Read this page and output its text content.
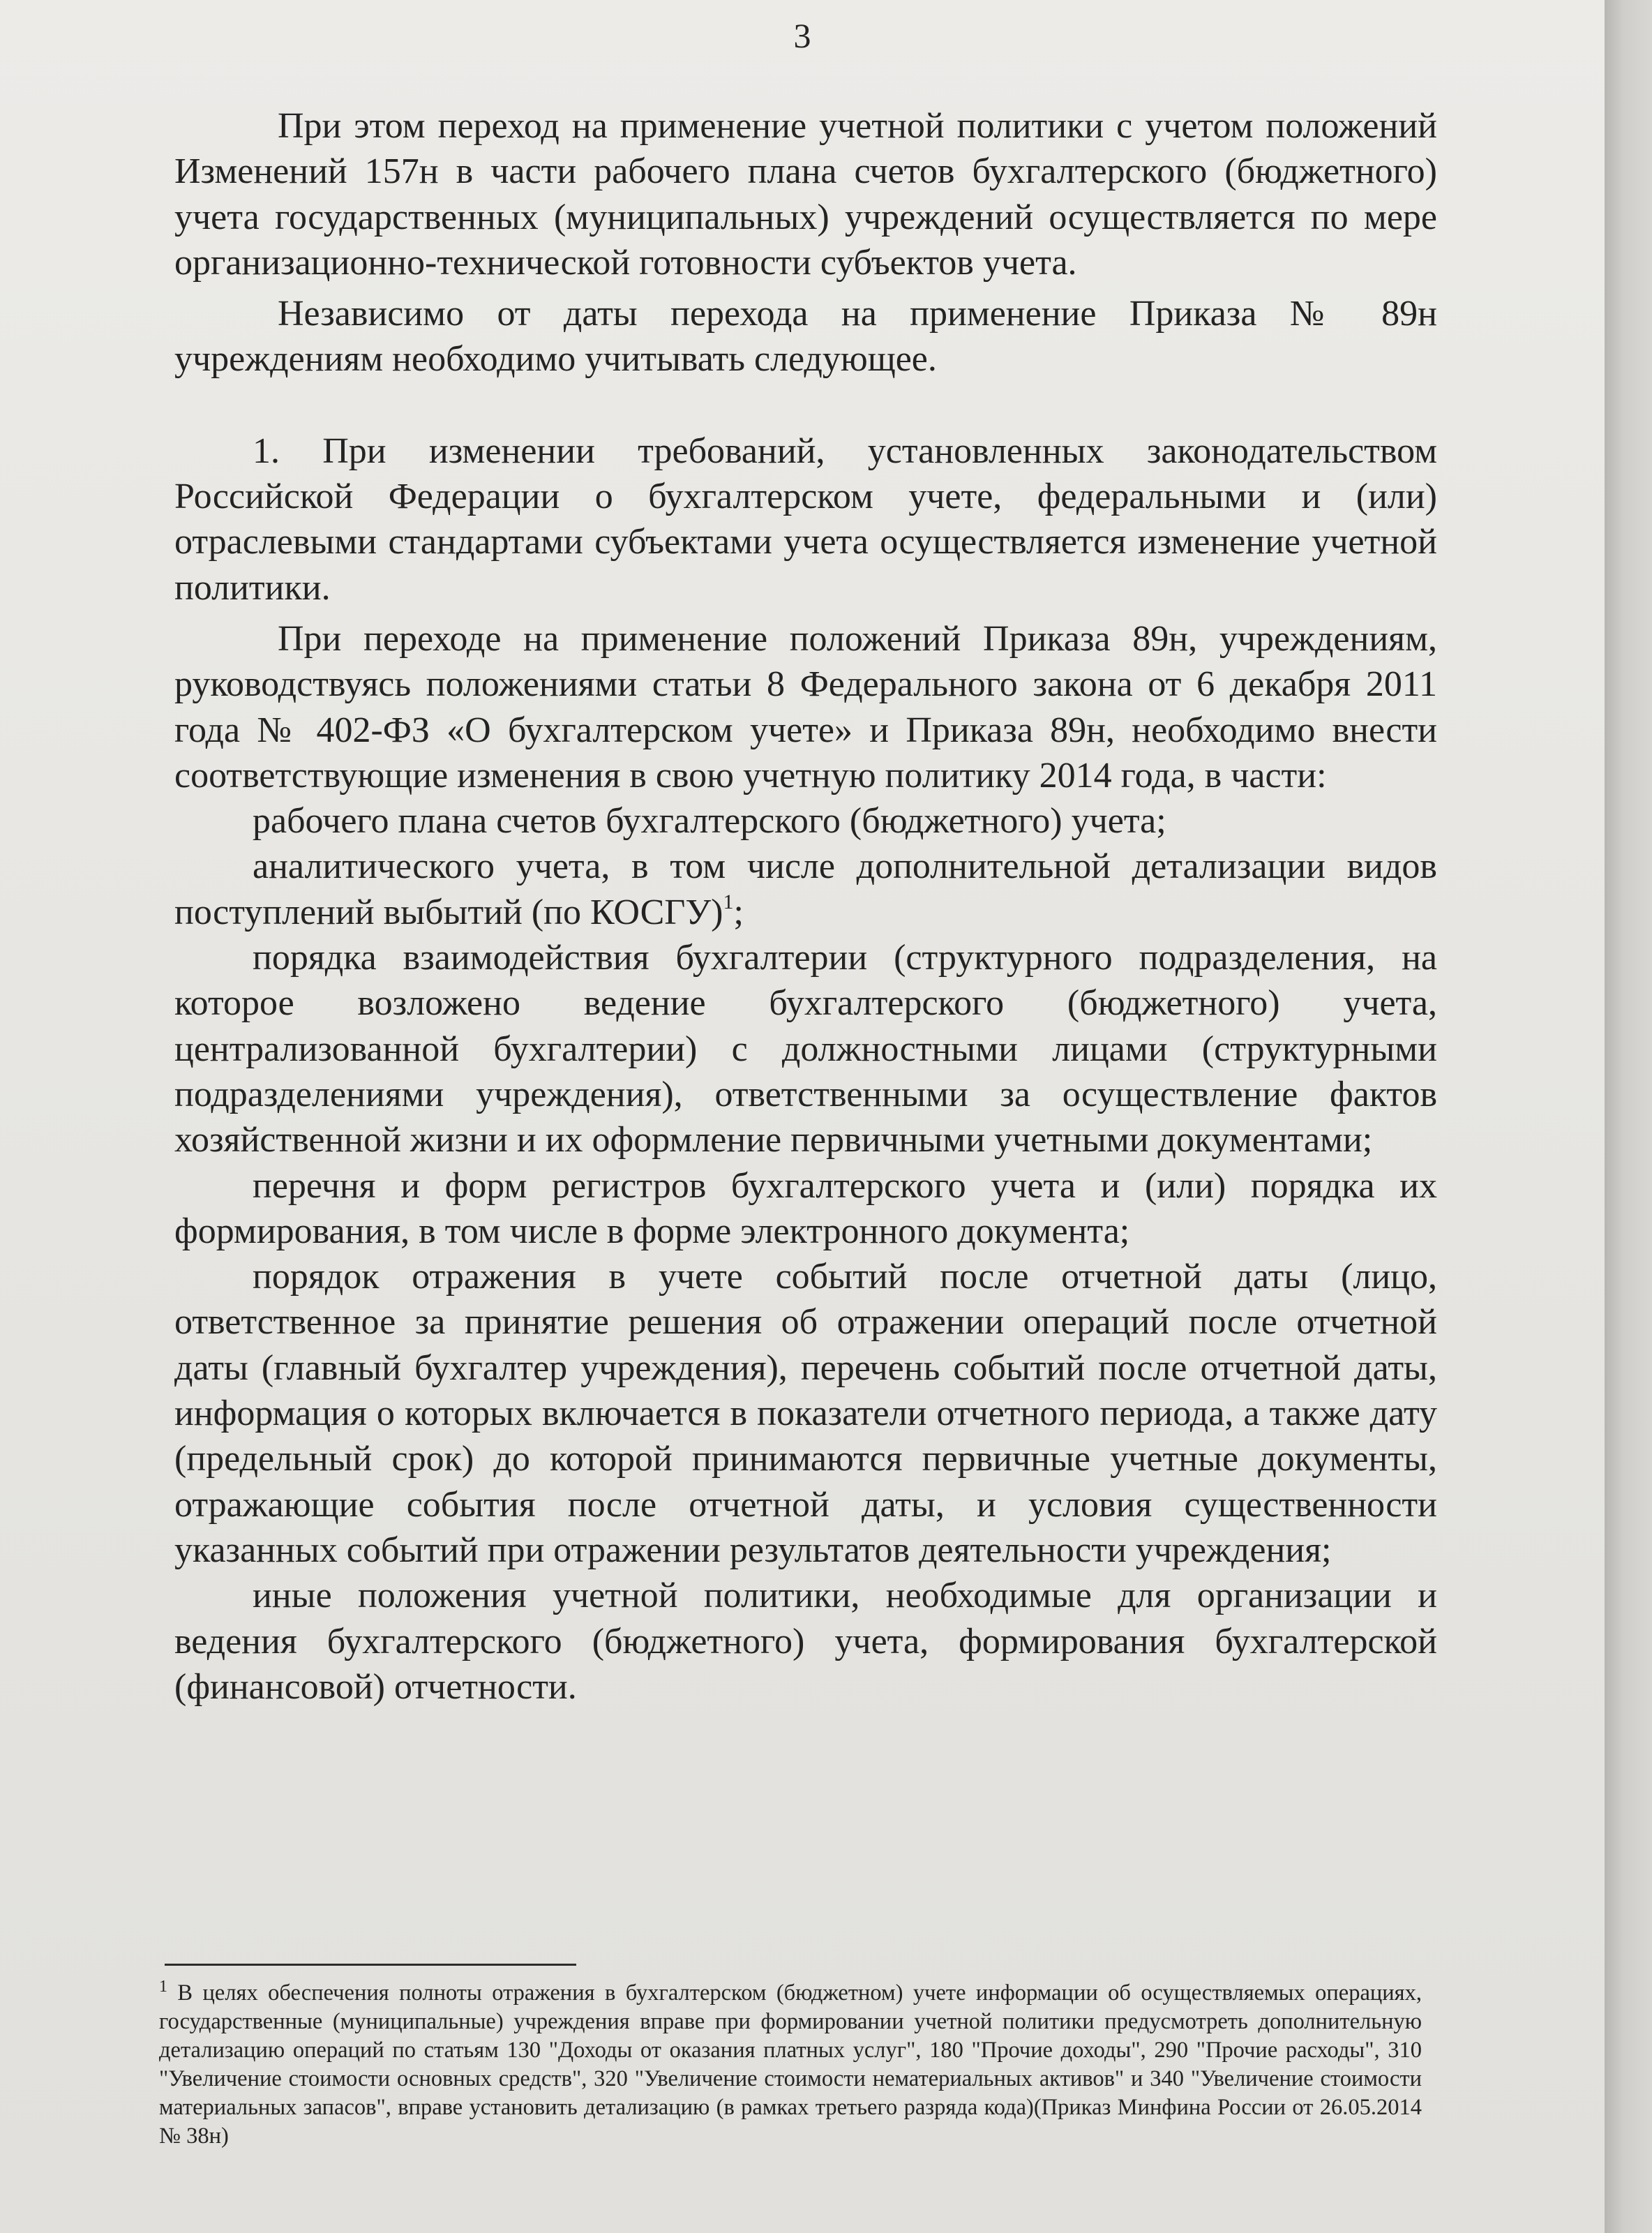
3

При этом переход на применение учетной политики с учетом положений Изменений 157н в части рабочего плана счетов бухгалтерского (бюджетного) учета государственных (муниципальных) учреждений осуществляется по мере организационно-технической готовности субъектов учета.

Независимо от даты перехода на применение Приказа № 89н учреждениям необходимо учитывать следующее.

1. При изменении требований, установленных законодательством Российской Федерации о бухгалтерском учете, федеральными и (или) отраслевыми стандартами субъектами учета осуществляется изменение учетной политики.

При переходе на применение положений Приказа 89н, учреждениям, руководствуясь положениями статьи 8 Федерального закона от 6 декабря 2011 года № 402-ФЗ «О бухгалтерском учете» и Приказа 89н, необходимо внести соответствующие изменения в свою учетную политику 2014 года, в части:

рабочего плана счетов бухгалтерского (бюджетного) учета;

аналитического учета, в том числе дополнительной детализации видов поступлений выбытий (по КОСГУ)$^1$;

порядка взаимодействия бухгалтерии (структурного подразделения, на которое возложено ведение бухгалтерского (бюджетного) учета, централизованной бухгалтерии) с должностными лицами (структурными подразделениями учреждения), ответственными за осуществление фактов хозяйственной жизни и их оформление первичными учетными документами;

перечня и форм регистров бухгалтерского учета и (или) порядка их формирования, в том числе в форме электронного документа;

порядок отражения в учете событий после отчетной даты (лицо, ответственное за принятие решения об отражении операций после отчетной даты (главный бухгалтер учреждения), перечень событий после отчетной даты, информация о которых включается в показатели отчетного периода, а также дату (предельный срок) до которой принимаются первичные учетные документы, отражающие события после отчетной даты, и условия существенности указанных событий при отражении результатов деятельности учреждения;

иные положения учетной политики, необходимые для организации и ведения бухгалтерского (бюджетного) учета, формирования бухгалтерской (финансовой) отчетности.

$^1$ В целях обеспечения полноты отражения в бухгалтерском (бюджетном) учете информации об осуществляемых операциях, государственные (муниципальные) учреждения вправе при формировании учетной политики предусмотреть дополнительную детализацию операций по статьям 130 "Доходы от оказания платных услуг", 180 "Прочие доходы", 290 "Прочие расходы", 310 "Увеличение стоимости основных средств", 320 "Увеличение стоимости нематериальных активов" и 340 "Увеличение стоимости материальных запасов", вправе установить детализацию (в рамках третьего разряда кода)(Приказ Минфина России от 26.05.2014 № 38н)
